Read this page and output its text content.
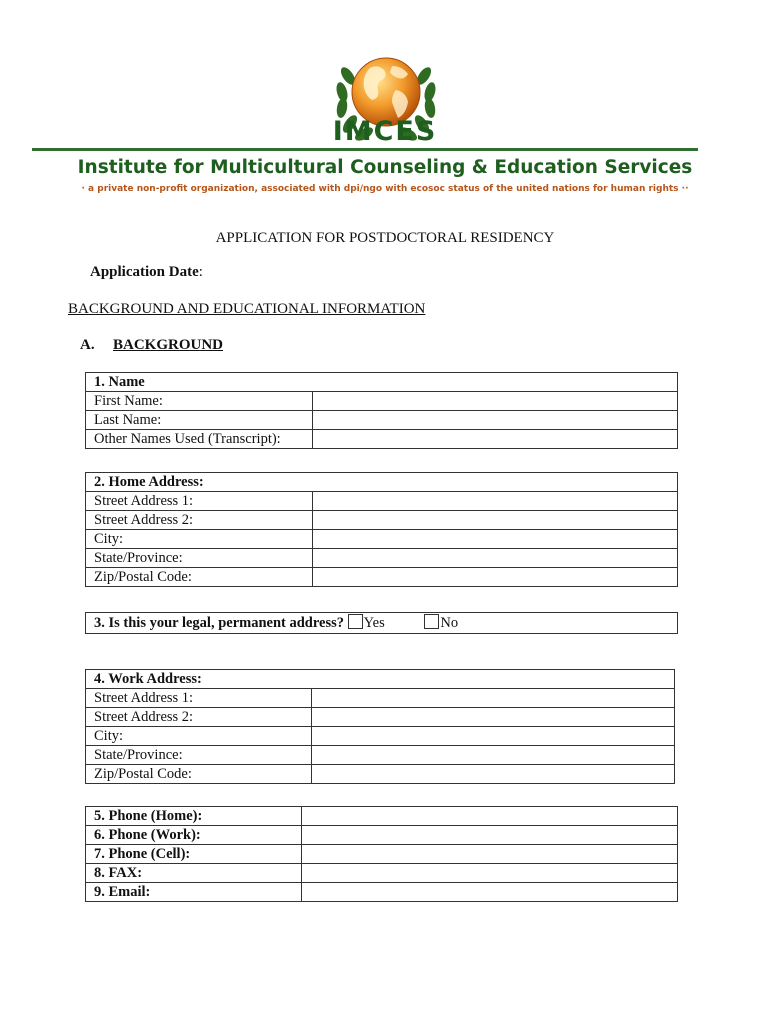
IMCES
Institute for Multicultural Counseling & Education Services
· a private non-profit organization, associated with dpi/ngo with ecosoc status of the united nations for human rights ··
APPLICATION FOR POSTDOCTORAL RESIDENCY
Application Date:
BACKGROUND AND EDUCATIONAL INFORMATION
A. BACKGROUND
1. Name	
First Name:	
Last Name:	
Other Names Used (Transcript):	
2. Home Address:	
Street Address 1:	
Street Address 2:	
City:	
State/Province:	
Zip/Postal Code:	
3. Is this your legal, permanent address? Yes	No
4. Work Address:	
Street Address 1:	
Street Address 2:	
City:	
State/Province:	
Zip/Postal Code:	
5. Phone (Home):	
6. Phone (Work):	
7. Phone (Cell):	
8. FAX:	
9. Email:	
